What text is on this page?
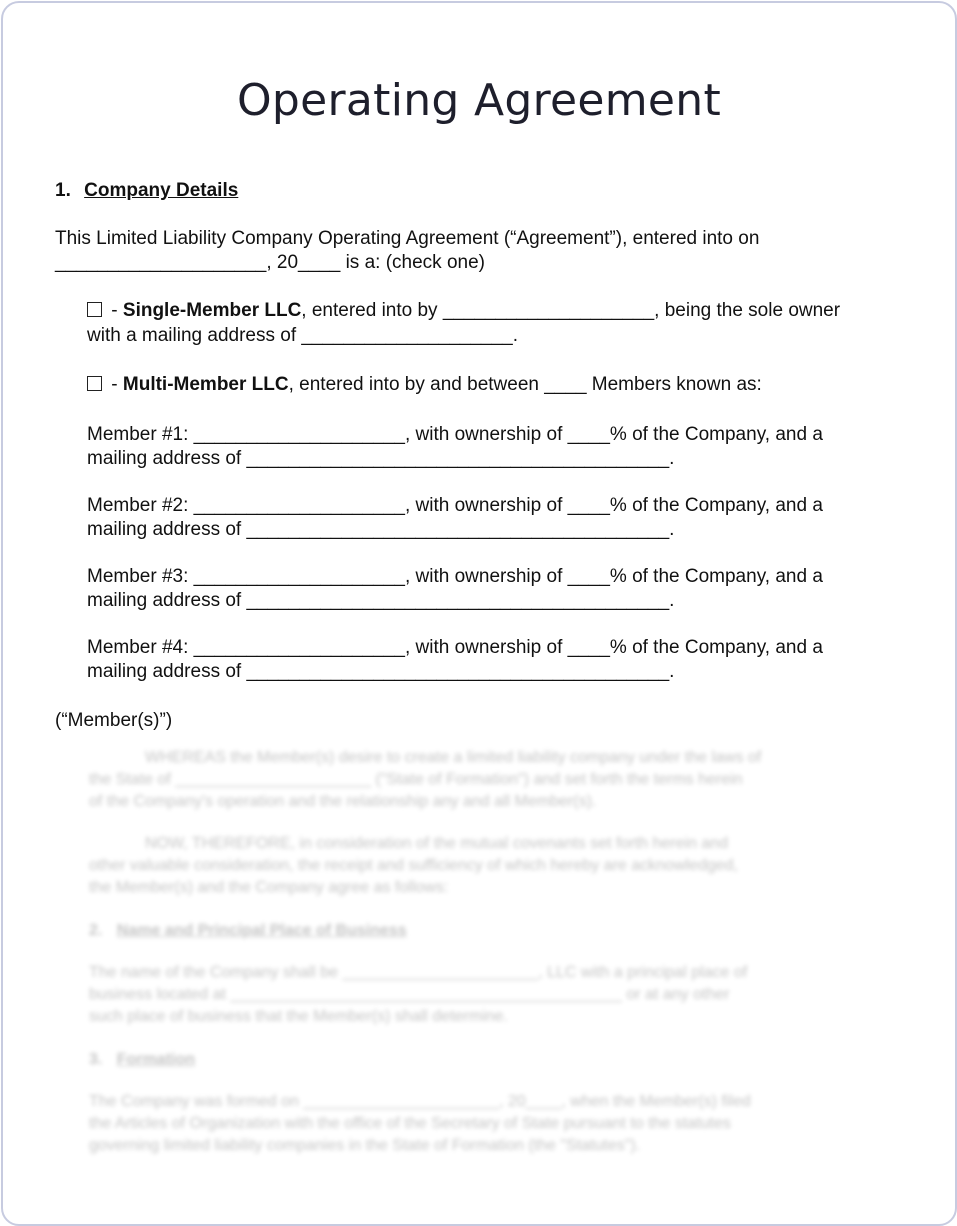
Operating Agreement
1. Company Details
This Limited Liability Company Operating Agreement (“Agreement”), entered into on
____________________, 20____ is a: (check one)
- Single-Member LLC, entered into by ____________________, being the sole owner
with a mailing address of ____________________.
- Multi-Member LLC, entered into by and between ____ Members known as:
Member #1: ____________________, with ownership of ____% of the Company, and a
mailing address of ________________________________________.
Member #2: ____________________, with ownership of ____% of the Company, and a
mailing address of ________________________________________.
Member #3: ____________________, with ownership of ____% of the Company, and a
mailing address of ________________________________________.
Member #4: ____________________, with ownership of ____% of the Company, and a
mailing address of ________________________________________.
(“Member(s)”)
WHEREAS the Member(s) desire to create a limited liability company under the laws of
the State of ______________________ ("State of Formation") and set forth the terms herein
of the Company's operation and the relationship any and all Member(s).
NOW, THEREFORE, in consideration of the mutual covenants set forth herein and
other valuable consideration, the receipt and sufficiency of which hereby are acknowledged,
the Member(s) and the Company agree as follows:
2. Name and Principal Place of Business
The name of the Company shall be ______________________, LLC with a principal place of
business located at ____________________________________________ or at any other
such place of business that the Member(s) shall determine.
3. Formation
The Company was formed on ______________________, 20____, when the Member(s) filed
the Articles of Organization with the office of the Secretary of State pursuant to the statutes
governing limited liability companies in the State of Formation (the "Statutes").
